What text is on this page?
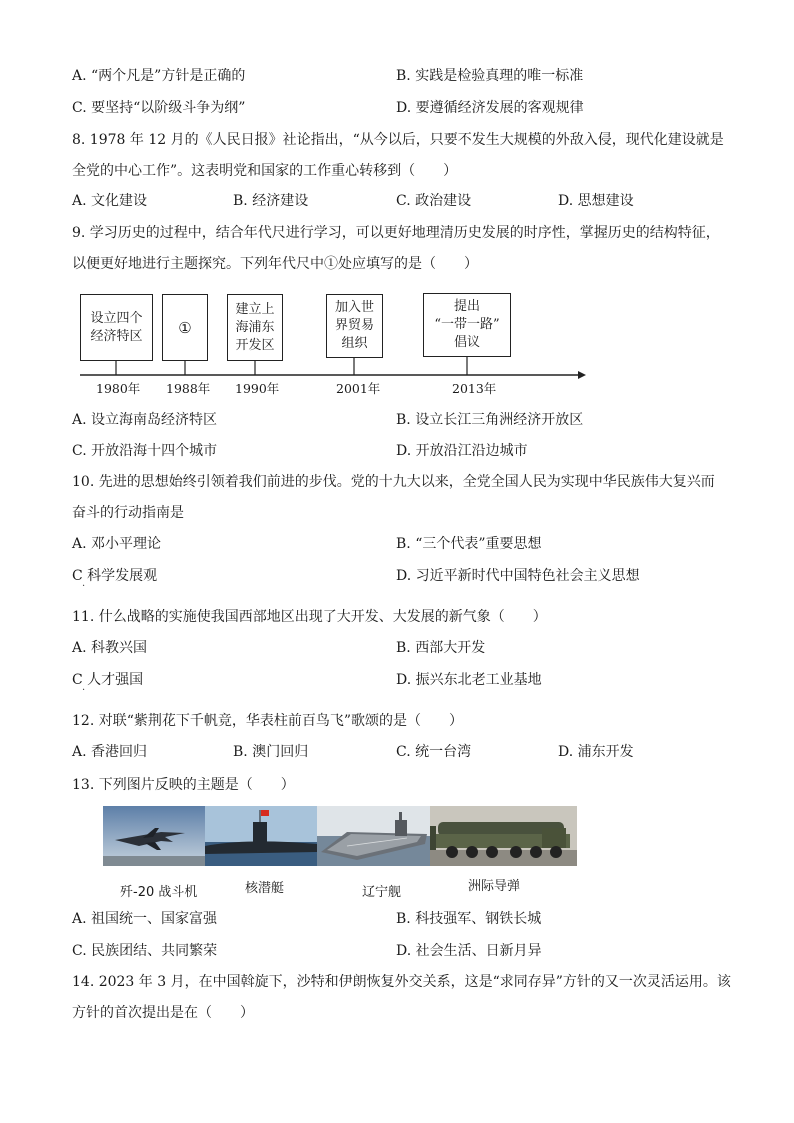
A. “两个凡是”方针是正确的	B. 实践是检验真理的唯一标准
C. 要坚持“以阶级斗争为纲”	D. 要遵循经济发展的客观规律
8. 1978 年 12 月的《人民日报》社论指出，“从今以后，只要不发生大规模的外敌入侵，现代化建设就是
全党的中心工作”。这表明党和国家的工作重心转移到（　　）
A. 文化建设	B. 经济建设	C. 政治建设	D. 思想建设
9. 学习历史的过程中，结合年代尺进行学习，可以更好地理清历史发展的时序性，掌握历史的结构特征，
以便更好地进行主题探究。下列年代尺中①处应填写的是（　　）
设立四个
经济特区	①
建立上
海浦东
开发区
加入世
界贸易
组织
提出
“一带一路”
倡议
1980年 1988年 1990年	2001年	2013年
A. 设立海南岛经济特区	B. 设立长江三角洲经济开放区
C. 开放沿海十四个城市	D. 开放沿江沿边城市
10. 先进的思想始终引领着我们前进的步伐。党的十九大以来，全党全国人民为实现中华民族伟大复兴而
奋斗的行动指南是
A. 邓小平理论	B. “三个代表”重要思想
C 科学发展观
·
D. 习近平新时代中国特色社会主义思想
11. 什么战略的实施使我国西部地区出现了大开发、大发展的新气象（　　）
A. 科教兴国	B. 西部大开发
C 人才强国
·
D. 振兴东北老工业基地
12. 对联“紫荆花下千帆竞，华表柱前百鸟飞”歌颂的是（　　）
A. 香港回归	B. 澳门回归	C. 统一台湾	D. 浦东开发
13. 下列图片反映的主题是（　　）
歼-20 战斗机	核潜艇	辽宁舰	洲际导弹
A. 祖国统一、国家富强	B. 科技强军、钢铁长城
C. 民族团结、共同繁荣	D. 社会生活、日新月异
14. 2023 年 3 月，在中国斡旋下，沙特和伊朗恢复外交关系，这是“求同存异”方针的又一次灵活运用。该
方针的首次提出是在（　　）
